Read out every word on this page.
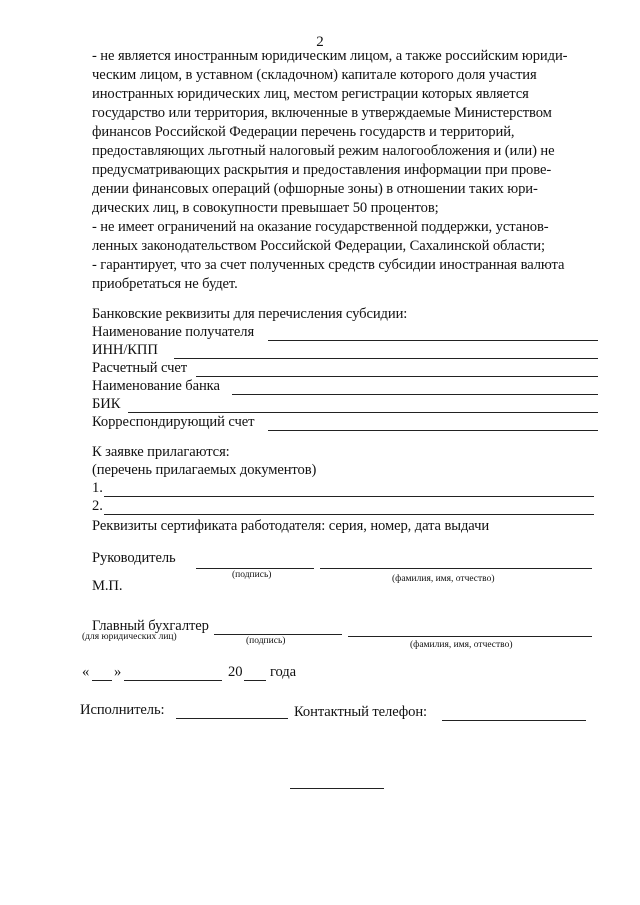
2
- не является иностранным юридическим лицом, а также российским юриди-
ческим лицом, в уставном (складочном) капитале которого доля участия
иностранных юридических лиц, местом регистрации которых является
государство или территория, включенные в утверждаемые Министерством
финансов Российской Федерации перечень государств и территорий,
предоставляющих льготный налоговый режим налогообложения и (или) не
предусматривающих раскрытия и предоставления информации при прове-
дении финансовых операций (офшорные зоны) в отношении таких юри-
дических лиц, в совокупности превышает 50 процентов;
- не имеет ограничений на оказание государственной поддержки, установ-
ленных законодательством Российской Федерации, Сахалинской области;
- гарантирует, что за счет полученных средств субсидии иностранная валюта
приобретаться не будет.
Банковские реквизиты для перечисления субсидии:
Наименование получателя
ИНН/КПП
Расчетный счет
Наименование банка
БИК
Корреспондирующий счет
К заявке прилагаются:
(перечень прилагаемых документов)
1.
2.
Реквизиты сертификата работодателя: серия, номер, дата выдачи
Руководитель
(подпись)	(фамилия, имя, отчество)
М.П.
Главный бухгалтер
(для юридических лиц)	(подпись)	(фамилия, имя, отчество)
« »	20 года
Исполнитель:	Контактный телефон:
